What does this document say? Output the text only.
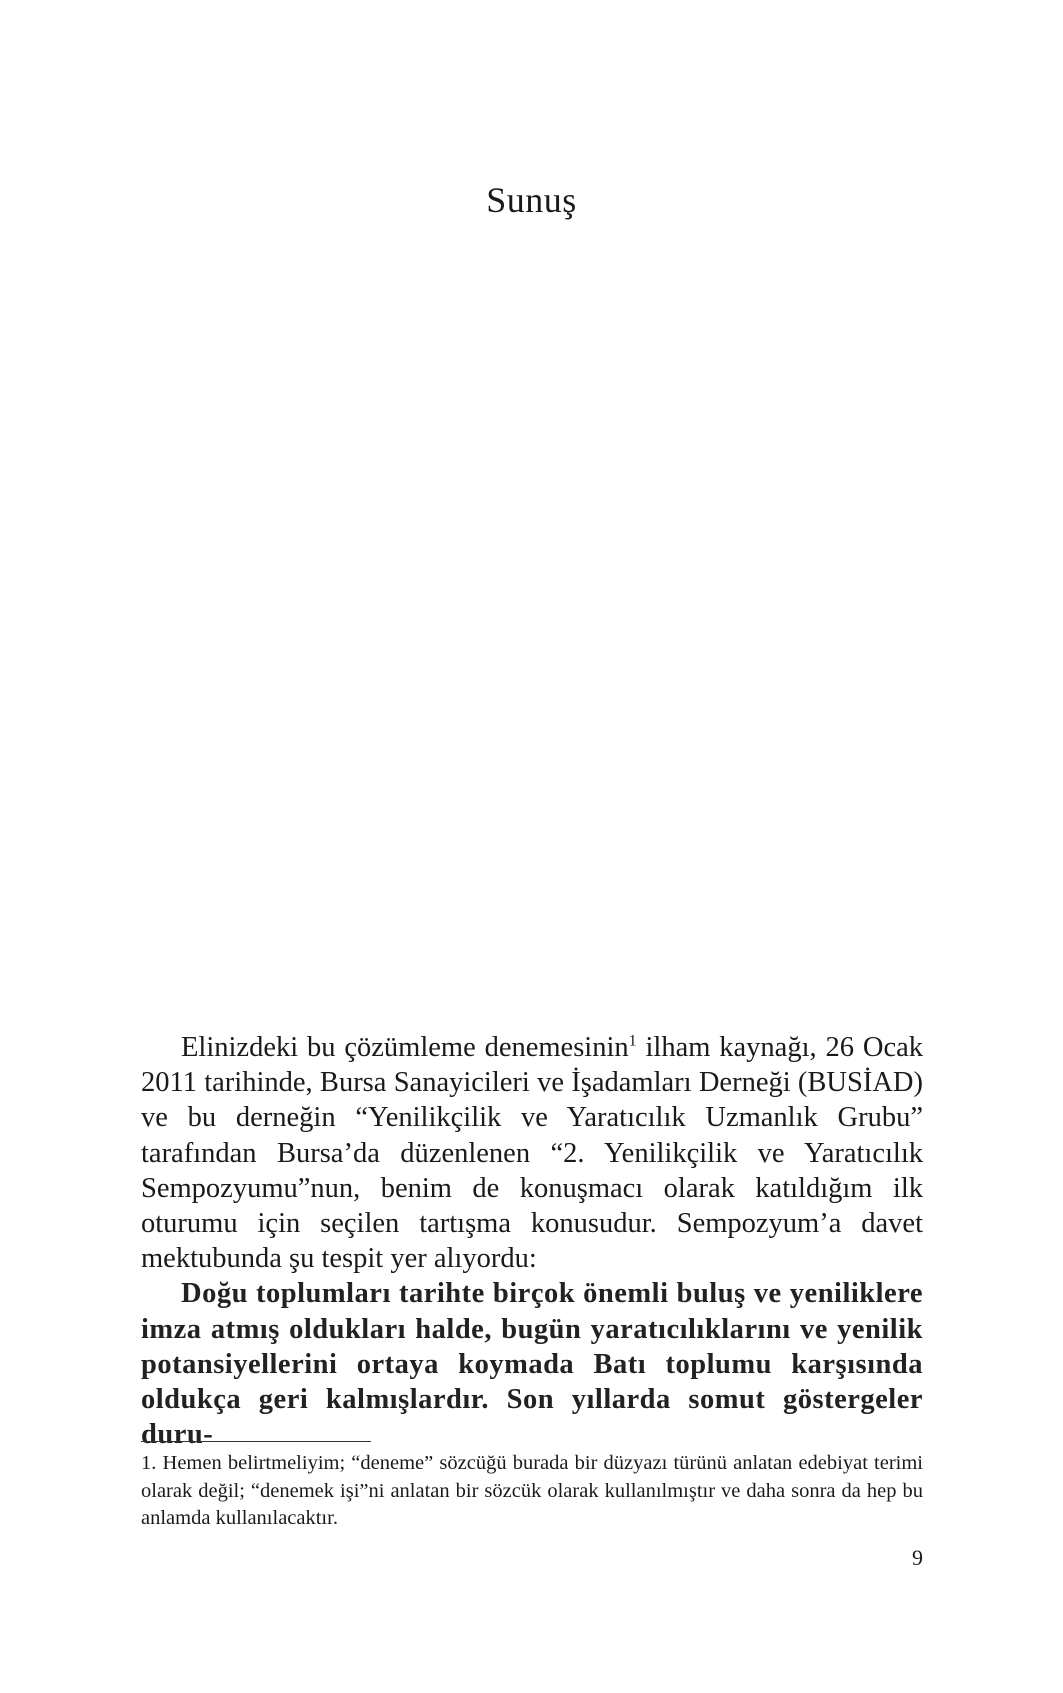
Sunuş

Elinizdeki bu çözümleme denemesinin$^1$ ilham kaynağı, 26 Ocak 2011 tarihinde, Bursa Sanayicileri ve İşadamları Derneği (BUSİAD) ve bu derneğin “Yenilikçilik ve Yaratıcılık Uzmanlık Grubu” tarafından Bursa’da düzenlenen “2. Yenilikçilik ve Yaratıcılık Sempozyumu”nun, benim de konuşmacı olarak katıldığım ilk oturumu için seçilen tartışma konusudur. Sempozyum’a davet mektubunda şu tespit yer alıyordu:

Doğu toplumları tarihte birçok önemli buluş ve yeniliklere imza atmış oldukları halde, bugün yaratıcılıklarını ve yenilik potansiyellerini ortaya koymada Batı toplumu karşısında oldukça geri kalmışlardır. Son yıllarda somut göstergeler duru-

1. Hemen belirtmeliyim; “deneme” sözcüğü burada bir düzyazı türünü anlatan edebiyat terimi olarak değil; “denemek işi”ni anlatan bir sözcük olarak kullanılmıştır ve daha sonra da hep bu anlamda kullanılacaktır.

9
